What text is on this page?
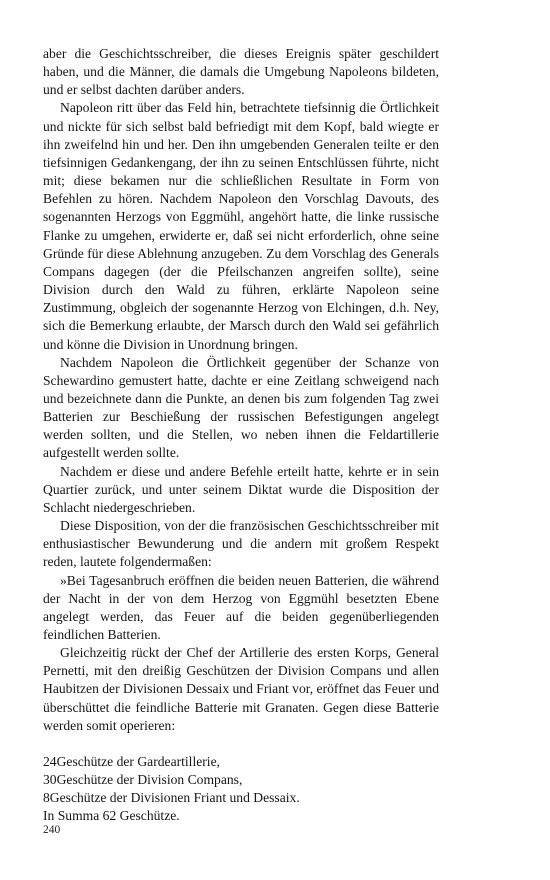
aber die Geschichtsschreiber, die dieses Ereignis später geschildert haben, und die Männer, die damals die Umgebung Napoleons bildeten, und er selbst dachten darüber anders.

Napoleon ritt über das Feld hin, betrachtete tiefsinnig die Örtlichkeit und nickte für sich selbst bald befriedigt mit dem Kopf, bald wiegte er ihn zweifelnd hin und her. Den ihn umgebenden Generalen teilte er den tiefsinnigen Gedankengang, der ihn zu seinen Entschlüssen führte, nicht mit; diese bekamen nur die schließlichen Resultate in Form von Befehlen zu hören. Nachdem Napoleon den Vorschlag Davouts, des sogenannten Herzogs von Eggmühl, angehört hatte, die linke russische Flanke zu umgehen, erwiderte er, daß sei nicht erforderlich, ohne seine Gründe für diese Ablehnung anzugeben. Zu dem Vorschlag des Generals Compans dagegen (der die Pfeilschanzen angreifen sollte), seine Division durch den Wald zu führen, erklärte Napoleon seine Zustimmung, obgleich der sogenannte Herzog von Elchingen, d.h. Ney, sich die Bemerkung erlaubte, der Marsch durch den Wald sei gefährlich und könne die Division in Unordnung bringen.

Nachdem Napoleon die Örtlichkeit gegenüber der Schanze von Schewardino gemustert hatte, dachte er eine Zeitlang schweigend nach und bezeichnete dann die Punkte, an denen bis zum folgenden Tag zwei Batterien zur Beschießung der russischen Befestigungen angelegt werden sollten, und die Stellen, wo neben ihnen die Feldartillerie aufgestellt werden sollte.

Nachdem er diese und andere Befehle erteilt hatte, kehrte er in sein Quartier zurück, und unter seinem Diktat wurde die Disposition der Schlacht niedergeschrieben.

Diese Disposition, von der die französischen Geschichtsschreiber mit enthusiastischer Bewunderung und die andern mit großem Respekt reden, lautete folgendermaßen:

»Bei Tagesanbruch eröffnen die beiden neuen Batterien, die während der Nacht in der von dem Herzog von Eggmühl besetzten Ebene angelegt werden, das Feuer auf die beiden gegenüberliegenden feindlichen Batterien.

Gleichzeitig rückt der Chef der Artillerie des ersten Korps, General Pernetti, mit den dreißig Geschützen der Division Compans und allen Haubitzen der Divisionen Dessaix und Friant vor, eröffnet das Feuer und überschüttet die feindliche Batterie mit Granaten. Gegen diese Batterie werden somit operieren:

24Geschütze der Gardeartillerie,

30Geschütze der Division Compans,

8Geschütze der Divisionen Friant und Dessaix.

In Summa 62 Geschütze.

240
